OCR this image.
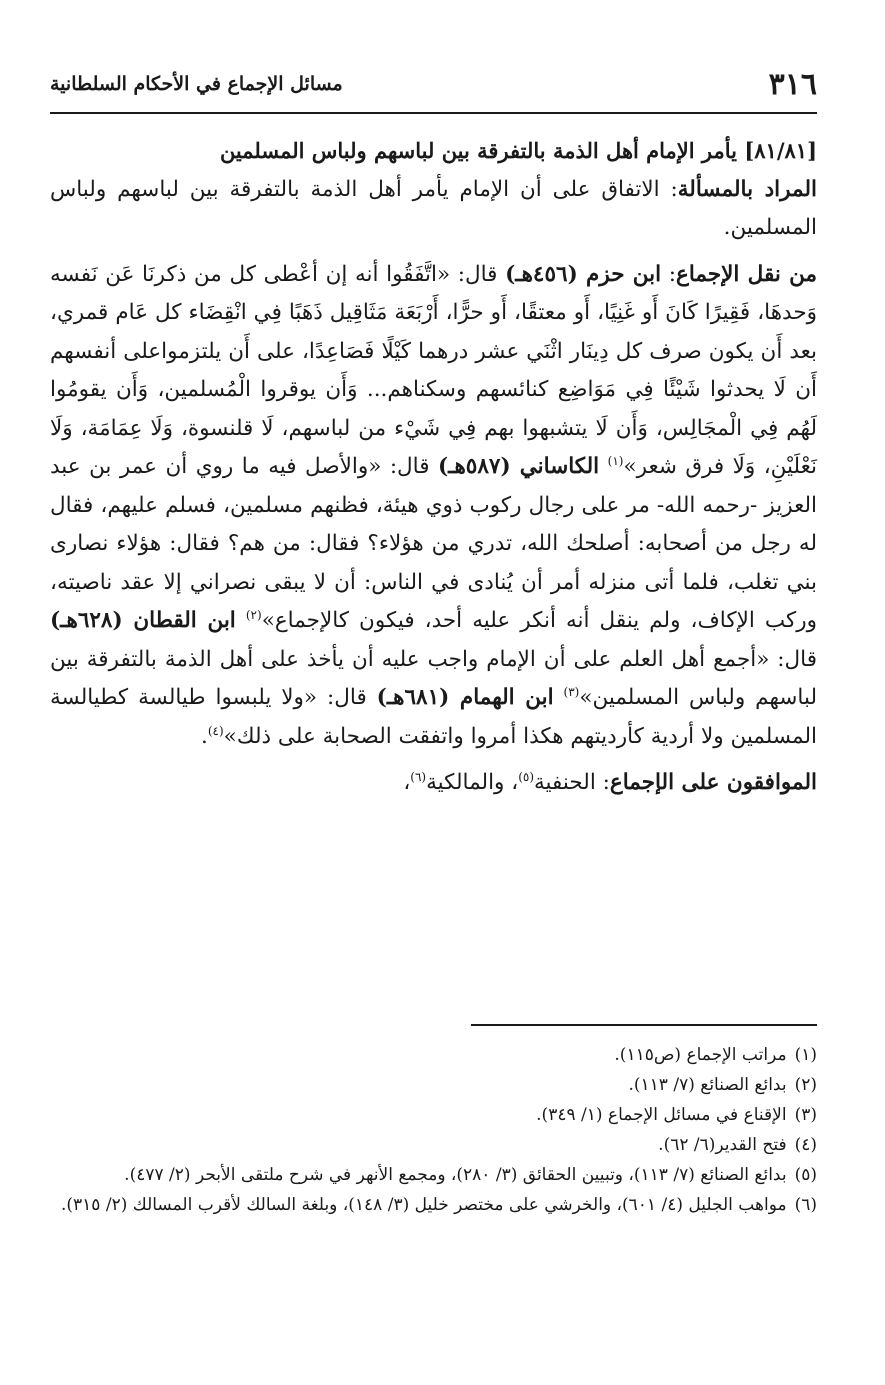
٣١٦
مسائل الإجماع في الأحكام السلطانية

[٨١/٨١] يأمر الإمام أهل الذمة بالتفرقة بين لباسهم ولباس المسلمين

المراد بالمسألة: الاتفاق على أن الإمام يأمر أهل الذمة بالتفرقة بين لباسهم ولباس المسلمين.

من نقل الإجماع: ابن حزم (٤٥٦هـ) قال: «اتَّفَقُوا أنه إن أعْطى كل من ذكرنَا عَن نَفسه وَحدهَا، فَقِيرًا كَانَ أَو غَنِيًا، أَو معتقًا، أَو حرًّا، أَرْبَعَة مَثَاقِيل ذَهَبًا فِي انْقِضَاء كل عَام قمري، بعد أَن يكون صرف كل دِينَار اثْنَي عشر درهما كَيْلًا فَصَاعِدًا، على أَن يلتزمواعلى أنفسهم أَن لَا يحدثوا شَيْئًا فِي مَوَاضِع كنائسهم وسكناهم... وَأَن يوقروا الْمُسلمين، وَأَن يقومُوا لَهُم فِي الْمجَالِس، وَأَن لَا يتشبهوا بهم فِي شَيْء من لباسهم، لَا قلنسوة، وَلَا عِمَامَة، وَلَا نَعْلَيْنِ، وَلَا فرق شعر»$^{(١)}$ الكاساني (٥٨٧هـ) قال: «والأصل فيه ما روي أن عمر بن عبد العزيز -رحمه الله- مر على رجال ركوب ذوي هيئة، فظنهم مسلمين، فسلم عليهم، فقال له رجل من أصحابه: أصلحك الله، تدري من هؤلاء؟ فقال: من هم؟ فقال: هؤلاء نصارى بني تغلب، فلما أتى منزله أمر أن يُنادى في الناس: أن لا يبقى نصراني إلا عقد ناصيته، وركب الإكاف، ولم ينقل أنه أنكر عليه أحد، فيكون كالإجماع»$^{(٢)}$ ابن القطان (٦٢٨هـ) قال: «أجمع أهل العلم على أن الإمام واجب عليه أن يأخذ على أهل الذمة بالتفرقة بين لباسهم ولباس المسلمين»$^{(٣)}$ ابن الهمام (٦٨١هـ) قال: «ولا يلبسوا طيالسة كطيالسة المسلمين ولا أردية كأرديتهم هكذا أمروا واتفقت الصحابة على ذلك»$^{(٤)}$.

الموافقون على الإجماع: الحنفية$^{(٥)}$، والمالكية$^{(٦)}$،

(١)
مراتب الإجماع (ص١١٥).
(٢)
بدائع الصنائع (٧/ ١١٣).
(٣)
الإقناع في مسائل الإجماع (١/ ٣٤٩).
(٤)
فتح القدير(٦/ ٦٢).
(٥)
بدائع الصنائع (٧/ ١١٣)، وتبيين الحقائق (٣/ ٢٨٠)، ومجمع الأنهر في شرح ملتقى الأبحر (٢/ ٤٧٧).
(٦)
مواهب الجليل (٤/ ٦٠١)، والخرشي على مختصر خليل (٣/ ١٤٨)، وبلغة السالك لأقرب المسالك (٢/ ٣١٥).
